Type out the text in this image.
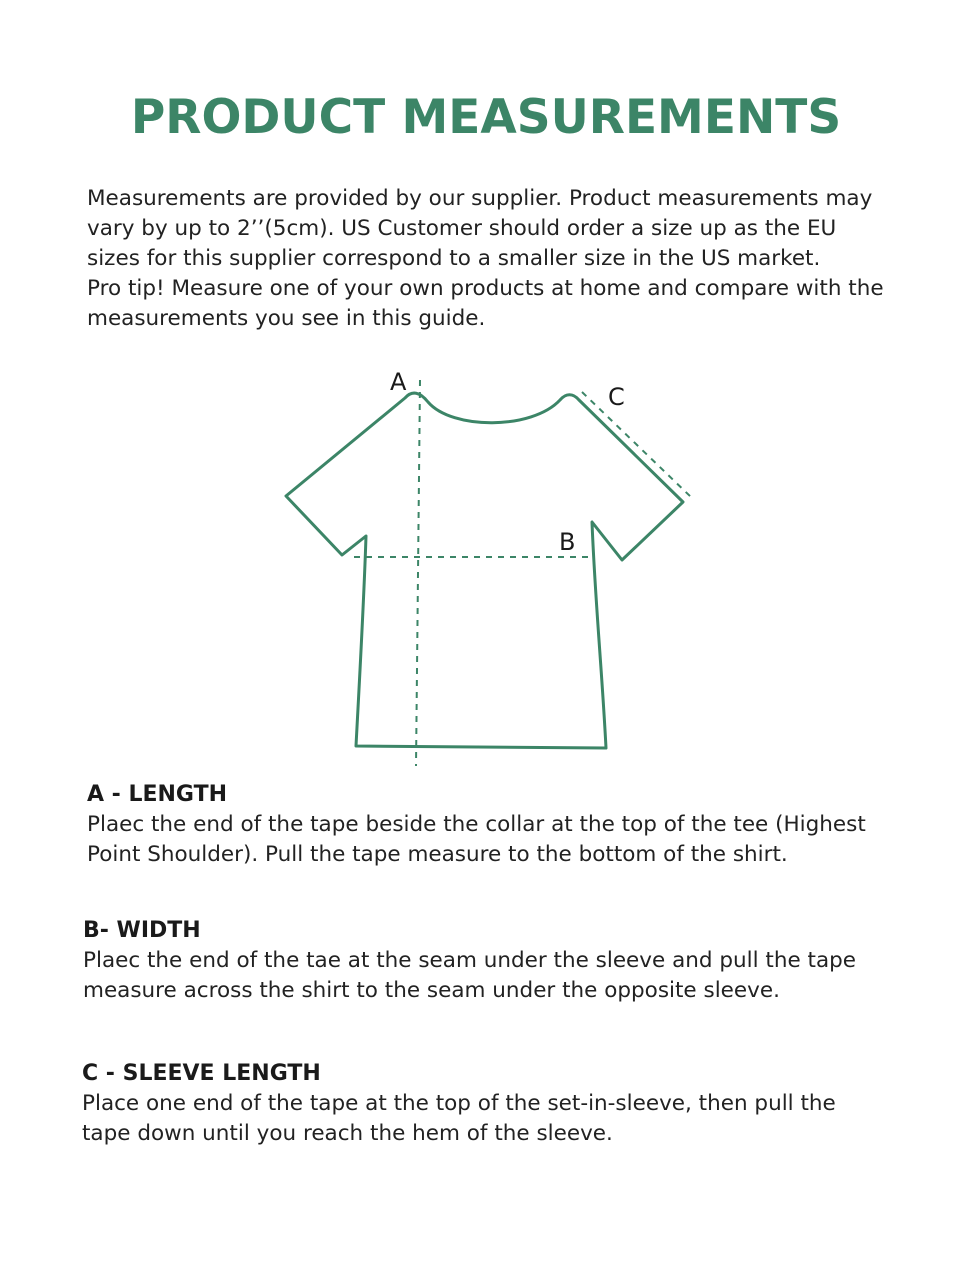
PRODUCT MEASUREMENTS

Measurements are provided by our supplier. Product measurements may

vary by up to 2’’(5cm). US Customer should order a size up as the EU

sizes for this supplier correspond to a smaller size in the US market.

Pro tip! Measure one of your own products at home and compare with the

measurements you see in this guide.

A
C
B
A - LENGTH

Plaec the end of the tape beside the collar at the top of the tee (Highest

Point Shoulder). Pull the tape measure to the bottom of the shirt.

B- WIDTH

Plaec the end of the tae at the seam under the sleeve and pull the tape

measure across the shirt to the seam under the opposite sleeve.

C - SLEEVE LENGTH

Place one end of the tape at the top of the set-in-sleeve, then pull the

tape down until you reach the hem of the sleeve.
